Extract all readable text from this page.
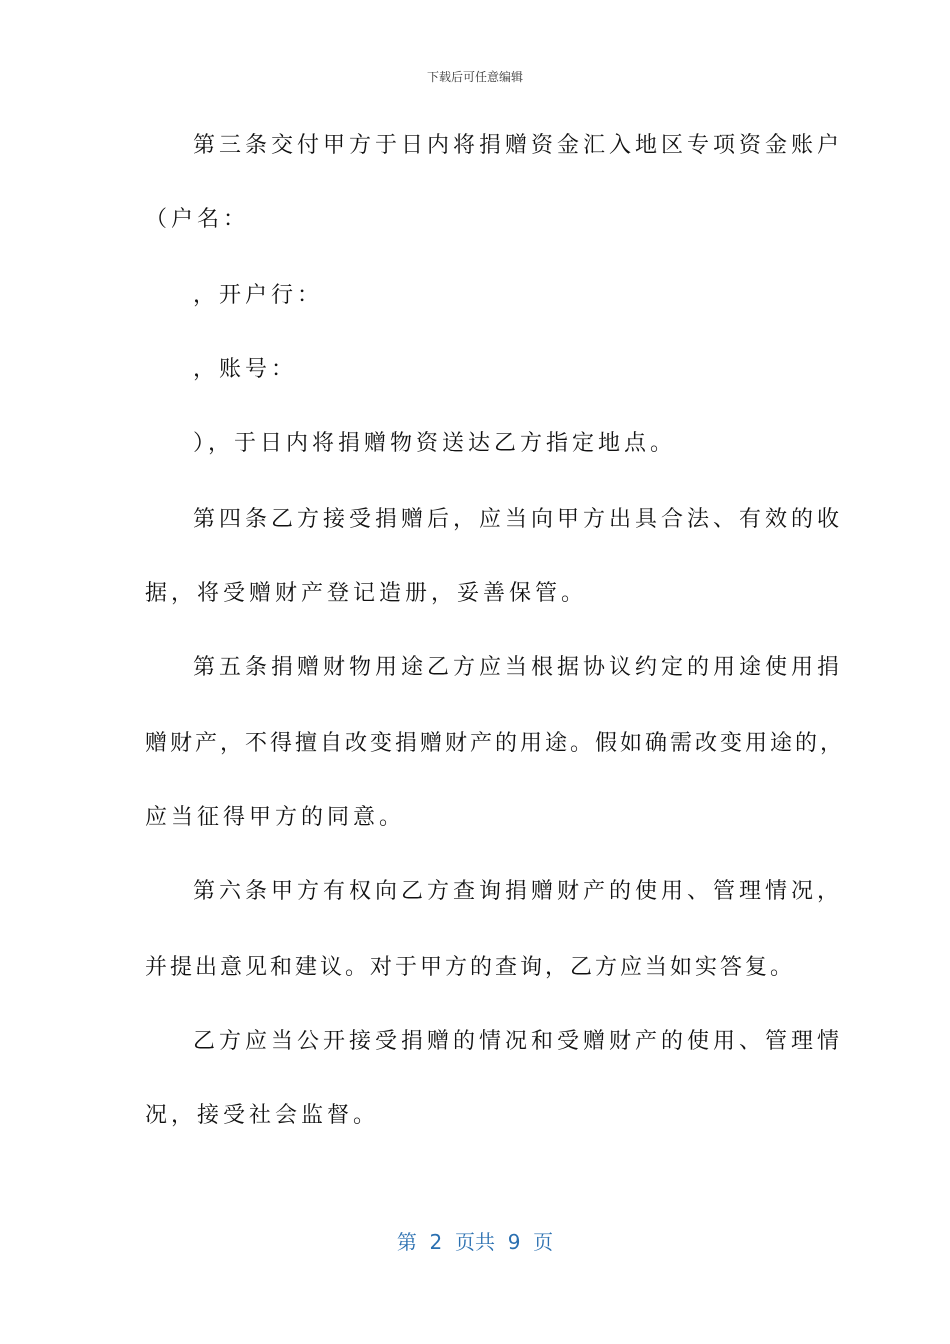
下载后可任意编辑
第三条交付甲方于日内将捐赠资金汇入地区专项资金账户
（户名：
，开户行：
，账号：
），于日内将捐赠物资送达乙方指定地点。
第四条乙方接受捐赠后，应当向甲方出具合法、有效的收
据，将受赠财产登记造册，妥善保管。
第五条捐赠财物用途乙方应当根据协议约定的用途使用捐
赠财产，不得擅自改变捐赠财产的用途。假如确需改变用途的，
应当征得甲方的同意。
第六条甲方有权向乙方查询捐赠财产的使用、管理情况，
并提出意见和建议。对于甲方的查询，乙方应当如实答复。
乙方应当公开接受捐赠的情况和受赠财产的使用、管理情
况，接受社会监督。
第  2  页共  9  页
